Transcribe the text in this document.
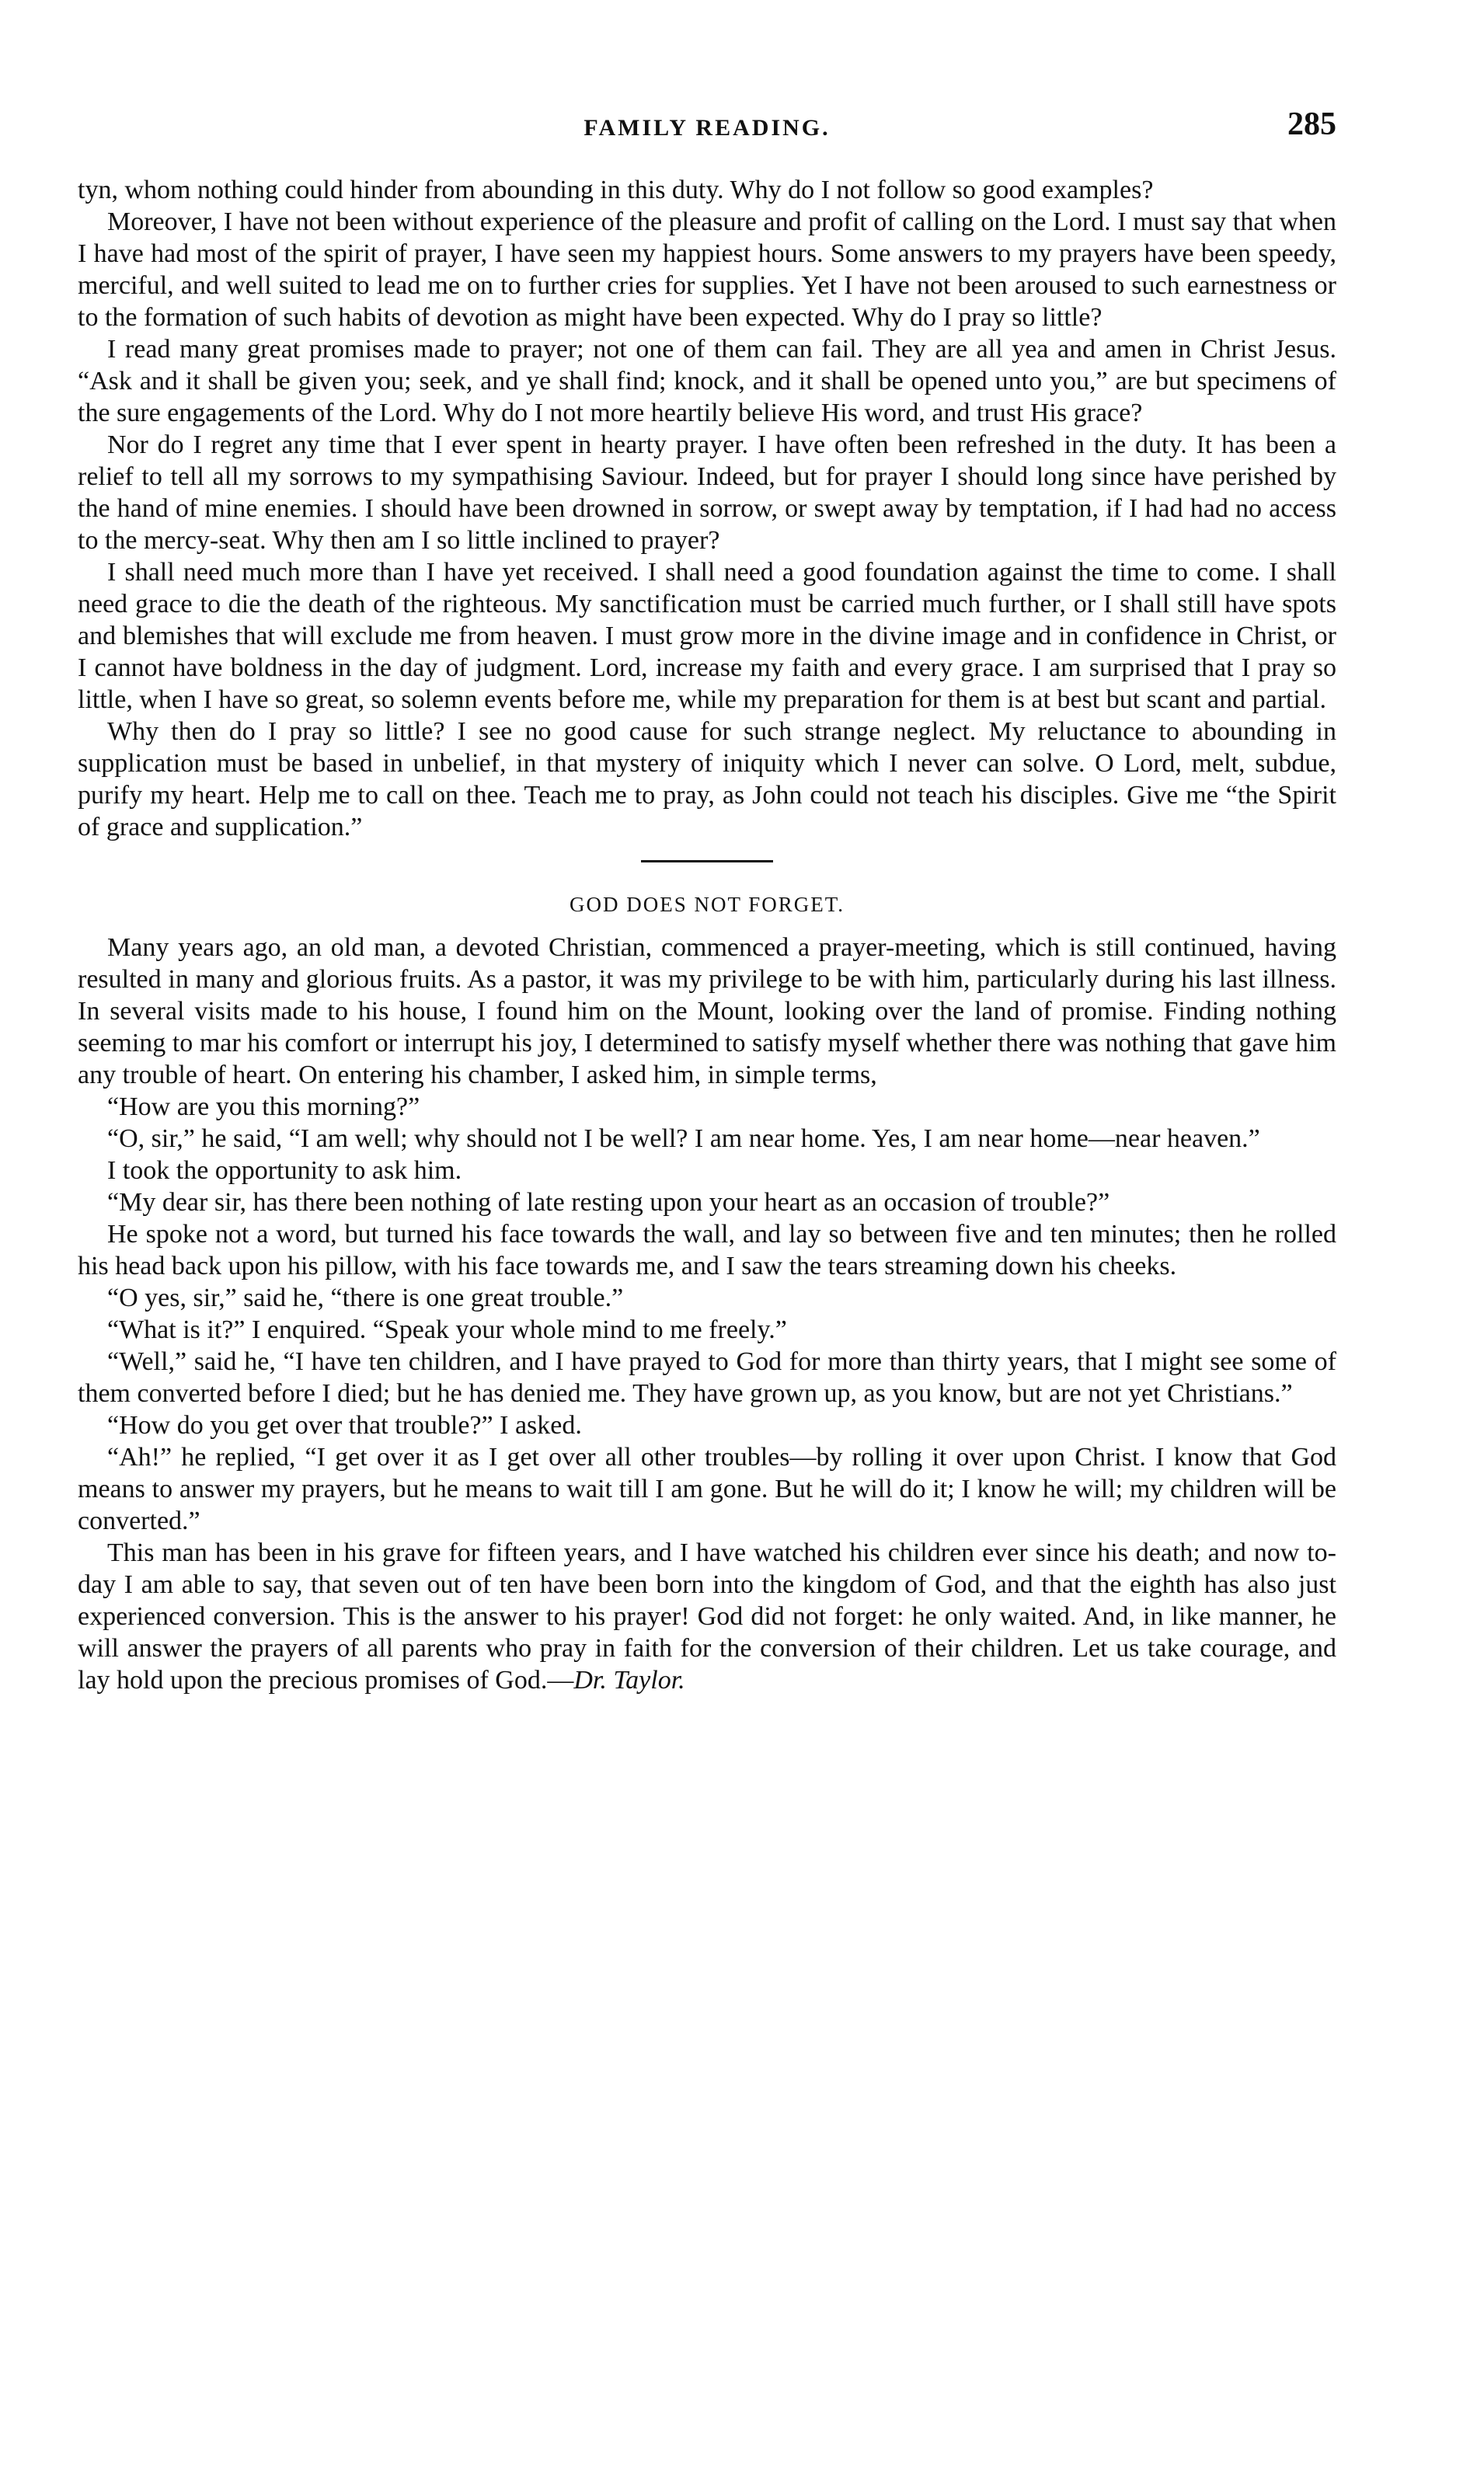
FAMILY READING.	285

tyn, whom nothing could hinder from abounding in this duty. Why do I not follow so good examples?

Moreover, I have not been without experience of the pleasure and profit of calling on the Lord. I must say that when I have had most of the spirit of prayer, I have seen my happiest hours. Some answers to my prayers have been speedy, merciful, and well suited to lead me on to further cries for supplies. Yet I have not been aroused to such earnestness or to the formation of such habits of devotion as might have been expected. Why do I pray so little?

I read many great promises made to prayer; not one of them can fail. They are all yea and amen in Christ Jesus. “Ask and it shall be given you; seek, and ye shall find; knock, and it shall be opened unto you,” are but specimens of the sure engagements of the Lord. Why do I not more heartily believe His word, and trust His grace?

Nor do I regret any time that I ever spent in hearty prayer. I have often been refreshed in the duty. It has been a relief to tell all my sorrows to my sympathising Saviour. Indeed, but for prayer I should long since have perished by the hand of mine enemies. I should have been drowned in sorrow, or swept away by temptation, if I had had no access to the mercy-seat. Why then am I so little inclined to prayer?

I shall need much more than I have yet received. I shall need a good foundation against the time to come. I shall need grace to die the death of the righteous. My sanctification must be carried much further, or I shall still have spots and blemishes that will exclude me from heaven. I must grow more in the divine image and in confidence in Christ, or I cannot have boldness in the day of judgment. Lord, increase my faith and every grace. I am surprised that I pray so little, when I have so great, so solemn events before me, while my preparation for them is at best but scant and partial.

Why then do I pray so little? I see no good cause for such strange neglect. My reluctance to abounding in supplication must be based in unbelief, in that mystery of iniquity which I never can solve. O Lord, melt, subdue, purify my heart. Help me to call on thee. Teach me to pray, as John could not teach his disciples. Give me “the Spirit of grace and supplication.”

GOD DOES NOT FORGET.

Many years ago, an old man, a devoted Christian, commenced a prayer-meeting, which is still continued, having resulted in many and glorious fruits. As a pastor, it was my privilege to be with him, particularly during his last illness. In several visits made to his house, I found him on the Mount, looking over the land of promise. Finding nothing seeming to mar his comfort or interrupt his joy, I determined to satisfy myself whether there was nothing that gave him any trouble of heart. On entering his chamber, I asked him, in simple terms,

“How are you this morning?”

“O, sir,” he said, “I am well; why should not I be well? I am near home. Yes, I am near home—near heaven.”

I took the opportunity to ask him.

“My dear sir, has there been nothing of late resting upon your heart as an occasion of trouble?”

He spoke not a word, but turned his face towards the wall, and lay so between five and ten minutes; then he rolled his head back upon his pillow, with his face towards me, and I saw the tears streaming down his cheeks.

“O yes, sir,” said he, “there is one great trouble.”

“What is it?” I enquired. “Speak your whole mind to me freely.”

“Well,” said he, “I have ten children, and I have prayed to God for more than thirty years, that I might see some of them converted before I died; but he has denied me. They have grown up, as you know, but are not yet Christians.”

“How do you get over that trouble?” I asked.

“Ah!” he replied, “I get over it as I get over all other troubles—by rolling it over upon Christ. I know that God means to answer my prayers, but he means to wait till I am gone. But he will do it; I know he will; my children will be converted.”

This man has been in his grave for fifteen years, and I have watched his children ever since his death; and now to-day I am able to say, that seven out of ten have been born into the kingdom of God, and that the eighth has also just experienced conversion. This is the answer to his prayer! God did not forget: he only waited. And, in like manner, he will answer the prayers of all parents who pray in faith for the conversion of their children. Let us take courage, and lay hold upon the precious promises of God.—Dr. Taylor.
